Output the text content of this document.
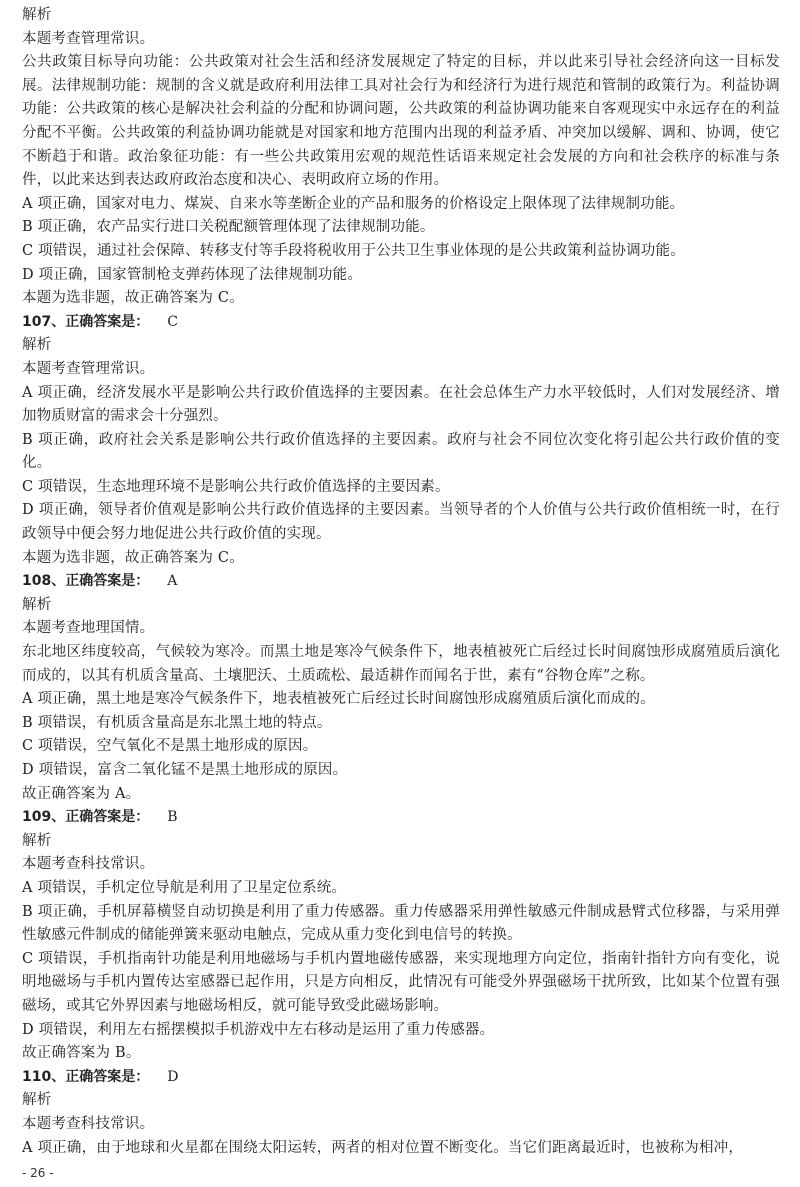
解析
本题考查管理常识。
公共政策目标导向功能：公共政策对社会生活和经济发展规定了特定的目标，并以此来引导社会经济向这一目标发展。法律规制功能：规制的含义就是政府利用法律工具对社会行为和经济行为进行规范和管制的政策行为。利益协调功能：公共政策的核心是解决社会利益的分配和协调问题，公共政策的利益协调功能来自客观现实中永远存在的利益分配不平衡。公共政策的利益协调功能就是对国家和地方范围内出现的利益矛盾、冲突加以缓解、调和、协调，使它不断趋于和谐。政治象征功能：有一些公共政策用宏观的规范性话语来规定社会发展的方向和社会秩序的标准与条件，以此来达到表达政府政治态度和决心、表明政府立场的作用。
A 项正确，国家对电力、煤炭、自来水等垄断企业的产品和服务的价格设定上限体现了法律规制功能。
B 项正确，农产品实行进口关税配额管理体现了法律规制功能。
C 项错误，通过社会保障、转移支付等手段将税收用于公共卫生事业体现的是公共政策利益协调功能。
D 项正确，国家管制枪支弹药体现了法律规制功能。
本题为选非题，故正确答案为 C。
107、正确答案是： C
解析
本题考查管理常识。
A 项正确，经济发展水平是影响公共行政价值选择的主要因素。在社会总体生产力水平较低时，人们对发展经济、增加物质财富的需求会十分强烈。
B 项正确，政府社会关系是影响公共行政价值选择的主要因素。政府与社会不同位次变化将引起公共行政价值的变化。
C 项错误，生态地理环境不是影响公共行政价值选择的主要因素。
D 项正确，领导者价值观是影响公共行政价值选择的主要因素。当领导者的个人价值与公共行政价值相统一时，在行政领导中便会努力地促进公共行政价值的实现。
本题为选非题，故正确答案为 C。
108、正确答案是： A
解析
本题考查地理国情。
东北地区纬度较高，气候较为寒冷。而黑土地是寒冷气候条件下，地表植被死亡后经过长时间腐蚀形成腐殖质后演化而成的，以其有机质含量高、土壤肥沃、土质疏松、最适耕作而闻名于世，素有“谷物仓库”之称。
A 项正确，黑土地是寒冷气候条件下，地表植被死亡后经过长时间腐蚀形成腐殖质后演化而成的。
B 项错误，有机质含量高是东北黑土地的特点。
C 项错误，空气氧化不是黑土地形成的原因。
D 项错误，富含二氧化锰不是黑土地形成的原因。
故正确答案为 A。
109、正确答案是： B
解析
本题考查科技常识。
A 项错误，手机定位导航是利用了卫星定位系统。
B 项正确，手机屏幕横竖自动切换是利用了重力传感器。重力传感器采用弹性敏感元件制成悬臂式位移器，与采用弹性敏感元件制成的储能弹簧来驱动电触点，完成从重力变化到电信号的转换。
C 项错误，手机指南针功能是利用地磁场与手机内置地磁传感器，来实现地理方向定位，指南针指针方向有变化，说明地磁场与手机内置传达室感器已起作用，只是方向相反，此情况有可能受外界强磁场干扰所致，比如某个位置有强磁场，或其它外界因素与地磁场相反，就可能导致受此磁场影响。
D 项错误，利用左右摇摆模拟手机游戏中左右移动是运用了重力传感器。
故正确答案为 B。
110、正确答案是： D
解析
本题考查科技常识。
A 项正确，由于地球和火星都在围绕太阳运转，两者的相对位置不断变化。当它们距离最近时，也被称为相冲，
- 26 -
